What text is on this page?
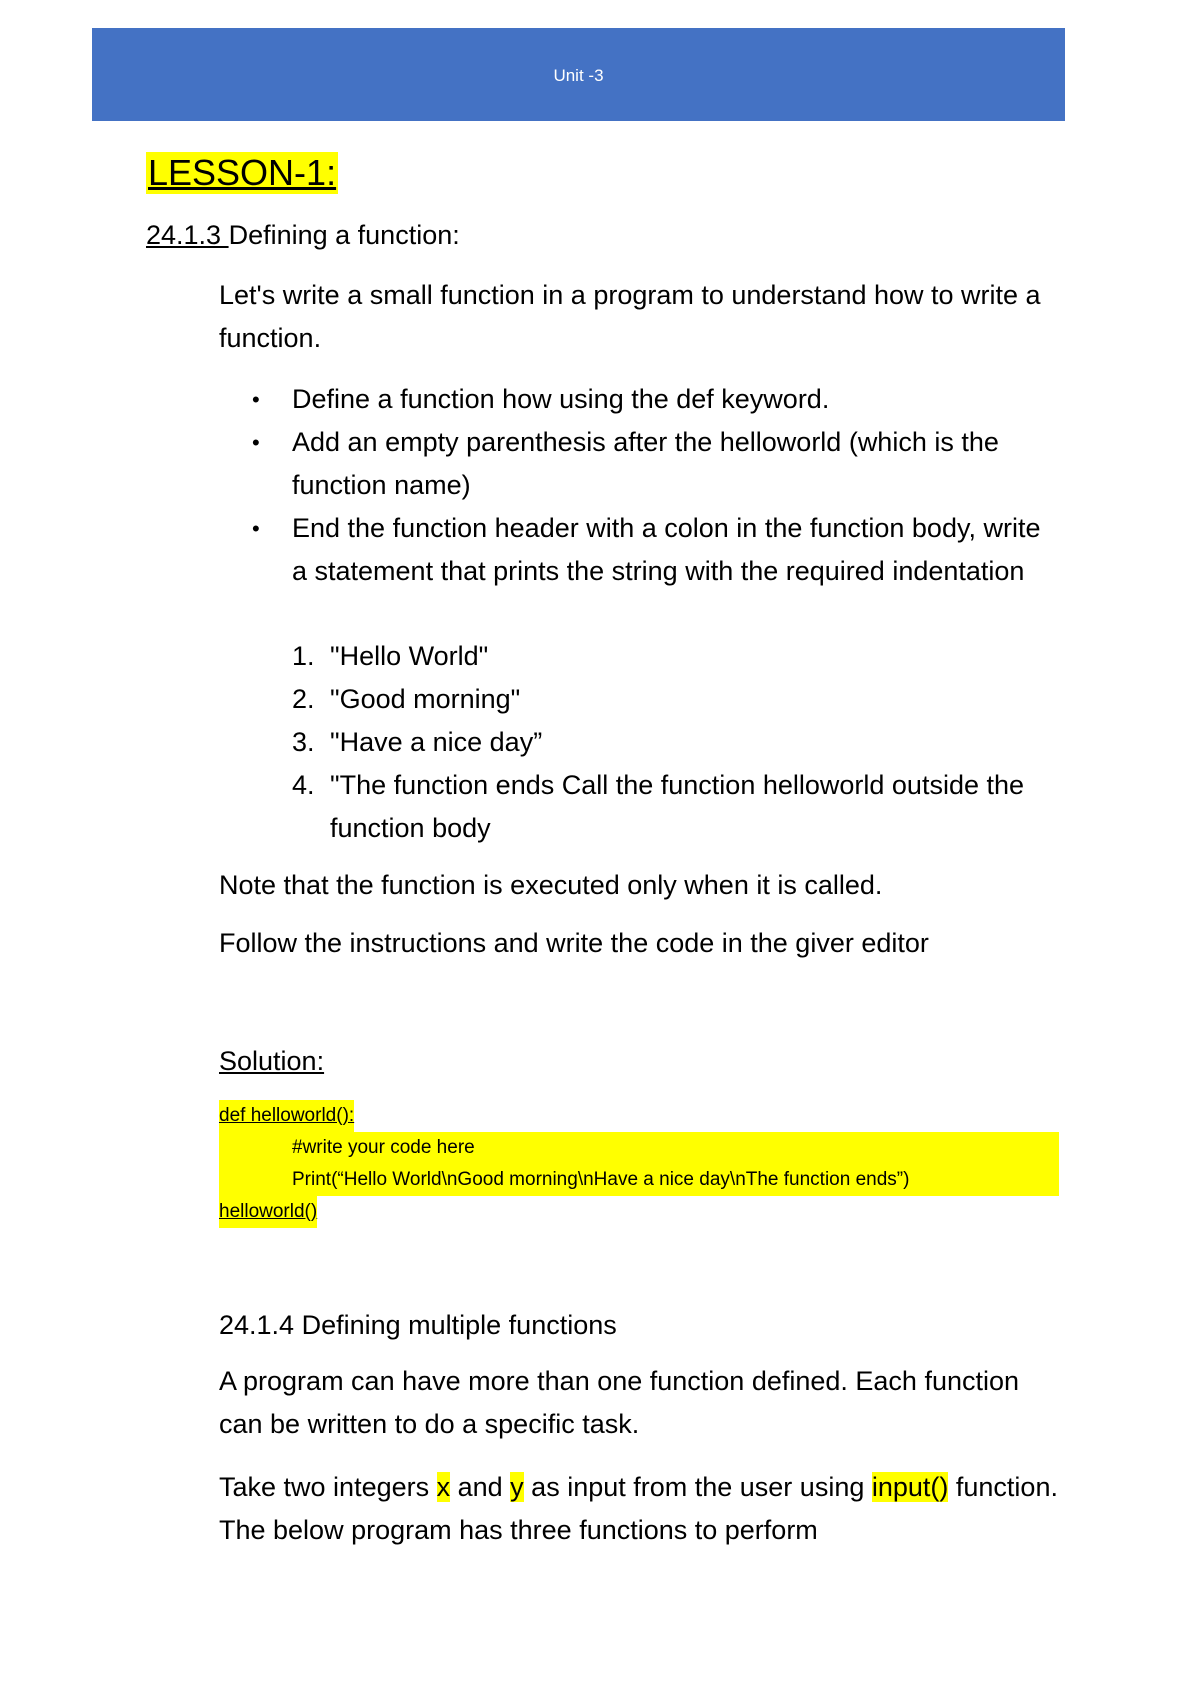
Unit -3
LESSON-1:
24.1.3 Defining a function:

Let's write a small function in a program to understand how to write a function.

• Define a function how using the def keyword.
• Add an empty parenthesis after the helloworld (which is the function name)
• End the function header with a colon in the function body, write a statement that prints the string with the required indentation
1. "Hello World"
2. "Good morning"
3. "Have a nice day”
4. "The function ends Call the function helloworld outside the function body

Note that the function is executed only when it is called.

Follow the instructions and write the code in the giver editor

Solution:

def helloworld():
#write your code here
Print(“Hello World\nGood morning\nHave a nice day\nThe function ends”)
helloworld()
24.1.4 Defining multiple functions

A program can have more than one function defined. Each function can be written to do a specific task.

Take two integers x and y as input from the user using input() function. The below program has three functions to perform
